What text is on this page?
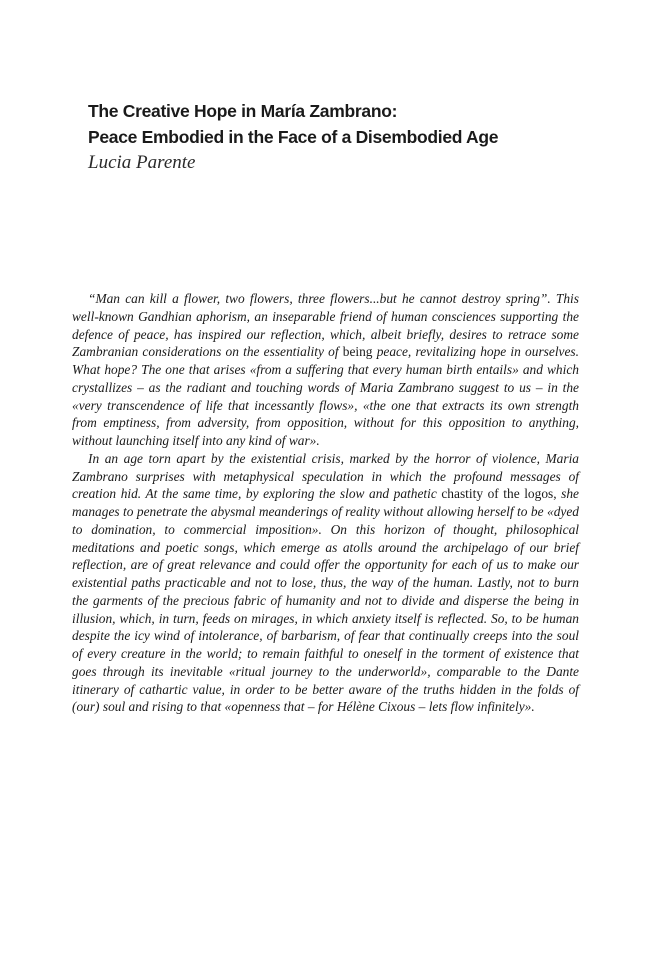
The Creative Hope in María Zambrano:
Peace Embodied in the Face of a Disembodied Age
Lucia Parente

“Man can kill a flower, two flowers, three flowers...but he cannot destroy spring”. This well-known Gandhian aphorism, an inseparable friend of human consciences supporting the defence of peace, has inspired our reflection, which, albeit briefly, desires to retrace some Zambranian considerations on the essentiality of being peace, revitalizing hope in ourselves. What hope? The one that arises «from a suffering that every human birth entails» and which crystallizes – as the radiant and touching words of Maria Zambrano suggest to us – in the «very transcendence of life that incessantly flows», «the one that extracts its own strength from emptiness, from adversity, from opposition, without for this opposition to anything, without launching itself into any kind of war».

In an age torn apart by the existential crisis, marked by the horror of violence, Maria Zambrano surprises with metaphysical speculation in which the profound messages of creation hid. At the same time, by exploring the slow and pathetic chastity of the logos, she manages to penetrate the abysmal meanderings of reality without allowing herself to be «dyed to domination, to commercial imposition». On this horizon of thought, philosophical meditations and poetic songs, which emerge as atolls around the archipelago of our brief reflection, are of great relevance and could offer the opportunity for each of us to make our existential paths practicable and not to lose, thus, the way of the human. Lastly, not to burn the garments of the precious fabric of humanity and not to divide and disperse the being in illusion, which, in turn, feeds on mirages, in which anxiety itself is reflected. So, to be human despite the icy wind of intolerance, of barbarism, of fear that continually creeps into the soul of every creature in the world; to remain faithful to oneself in the torment of existence that goes through its inevitable «ritual journey to the underworld», comparable to the Dante itinerary of cathartic value, in order to be better aware of the truths hidden in the folds of (our) soul and rising to that «openness that – for Hélène Cixous – lets flow infinitely».
